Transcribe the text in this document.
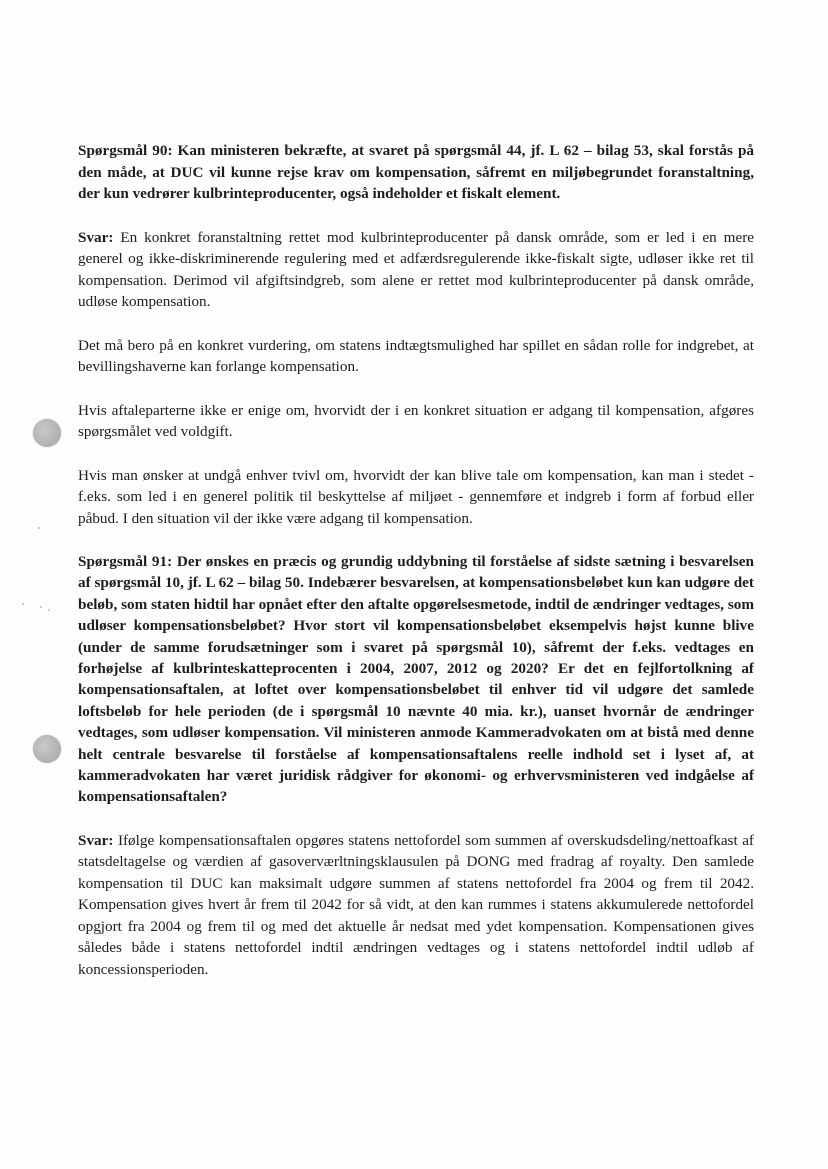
Spørgsmål 90: Kan ministeren bekræfte, at svaret på spørgsmål 44, jf. L 62 – bilag 53, skal forstås på den måde, at DUC vil kunne rejse krav om kompensation, såfremt en miljøbegrundet foranstaltning, der kun vedrører kulbrinteproducenter, også indeholder et fiskalt element.

Svar: En konkret foranstaltning rettet mod kulbrinteproducenter på dansk område, som er led i en mere generel og ikke-diskriminerende regulering med et adfærdsregulerende ikke-fiskalt sigte, udløser ikke ret til kompensation. Derimod vil afgiftsindgreb, som alene er rettet mod kulbrinteproducenter på dansk område, udløse kompensation.

Det må bero på en konkret vurdering, om statens indtægtsmulighed har spillet en sådan rolle for indgrebet, at bevillingshaverne kan forlange kompensation.

Hvis aftaleparterne ikke er enige om, hvorvidt der i en konkret situation er adgang til kompensation, afgøres spørgsmålet ved voldgift.

Hvis man ønsker at undgå enhver tvivl om, hvorvidt der kan blive tale om kompensation, kan man i stedet - f.eks. som led i en generel politik til beskyttelse af miljøet - gennemføre et indgreb i form af forbud eller påbud. I den situation vil der ikke være adgang til kompensation.

Spørgsmål 91: Der ønskes en præcis og grundig uddybning til forståelse af sidste sætning i besvarelsen af spørgsmål 10, jf. L 62 – bilag 50. Indebærer besvarelsen, at kompensationsbeløbet kun kan udgøre det beløb, som staten hidtil har opnået efter den aftalte opgørelsesmetode, indtil de ændringer vedtages, som udløser kompensationsbeløbet? Hvor stort vil kompensationsbeløbet eksempelvis højst kunne blive (under de samme forudsætninger som i svaret på spørgsmål 10), såfremt der f.eks. vedtages en forhøjelse af kulbrinteskatteprocenten i 2004, 2007, 2012 og 2020? Er det en fejlfortolkning af kompensationsaftalen, at loftet over kompensationsbeløbet til enhver tid vil udgøre det samlede loftsbeløb for hele perioden (de i spørgsmål 10 nævnte 40 mia. kr.), uanset hvornår de ændringer vedtages, som udløser kompensation. Vil ministeren anmode Kammeradvokaten om at bistå med denne helt centrale besvarelse til forståelse af kompensationsaftalens reelle indhold set i lyset af, at kammeradvokaten har været juridisk rådgiver for økonomi- og erhvervsministeren ved indgåelse af kompensationsaftalen?

Svar: Ifølge kompensationsaftalen opgøres statens nettofordel som summen af overskudsdeling/nettoafkast af statsdeltagelse og værdien af gasoverværltningsklausulen på DONG med fradrag af royalty. Den samlede kompensation til DUC kan maksimalt udgøre summen af statens nettofordel fra 2004 og frem til 2042. Kompensation gives hvert år frem til 2042 for så vidt, at den kan rummes i statens akkumulerede nettofordel opgjort fra 2004 og frem til og med det aktuelle år nedsat med ydet kompensation. Kompensationen gives således både i statens nettofordel indtil ændringen vedtages og i statens nettofordel indtil udløb af koncessionsperioden.
